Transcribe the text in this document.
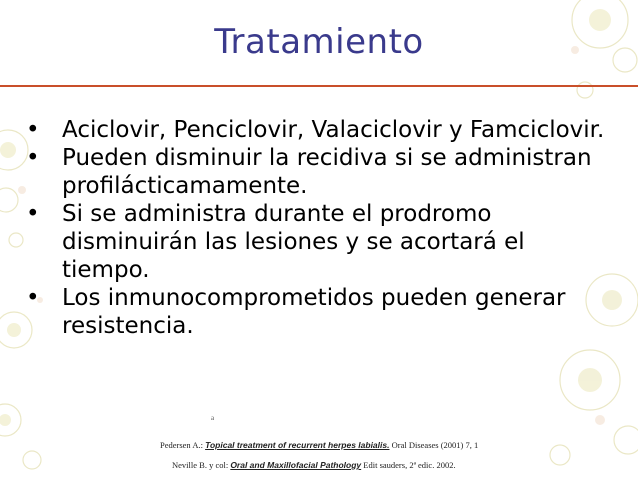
Tratamiento
• Aciclovir, Penciclovir, Valaciclovir y Famciclovir.
• Pueden disminuir la recidiva si se administran profilácticamamente.
• Si se administra durante el prodromo disminuirán las lesiones y se acortará el tiempo.
• Los inmunocomprometidos pueden generar resistencia.
a
Pedersen A.: Topical treatment of recurrent herpes labialis. Oral Diseases (2001) 7, 1
Neville B. y col: Oral and Maxillofacial Pathology Edit sauders, 2ª edic. 2002.
